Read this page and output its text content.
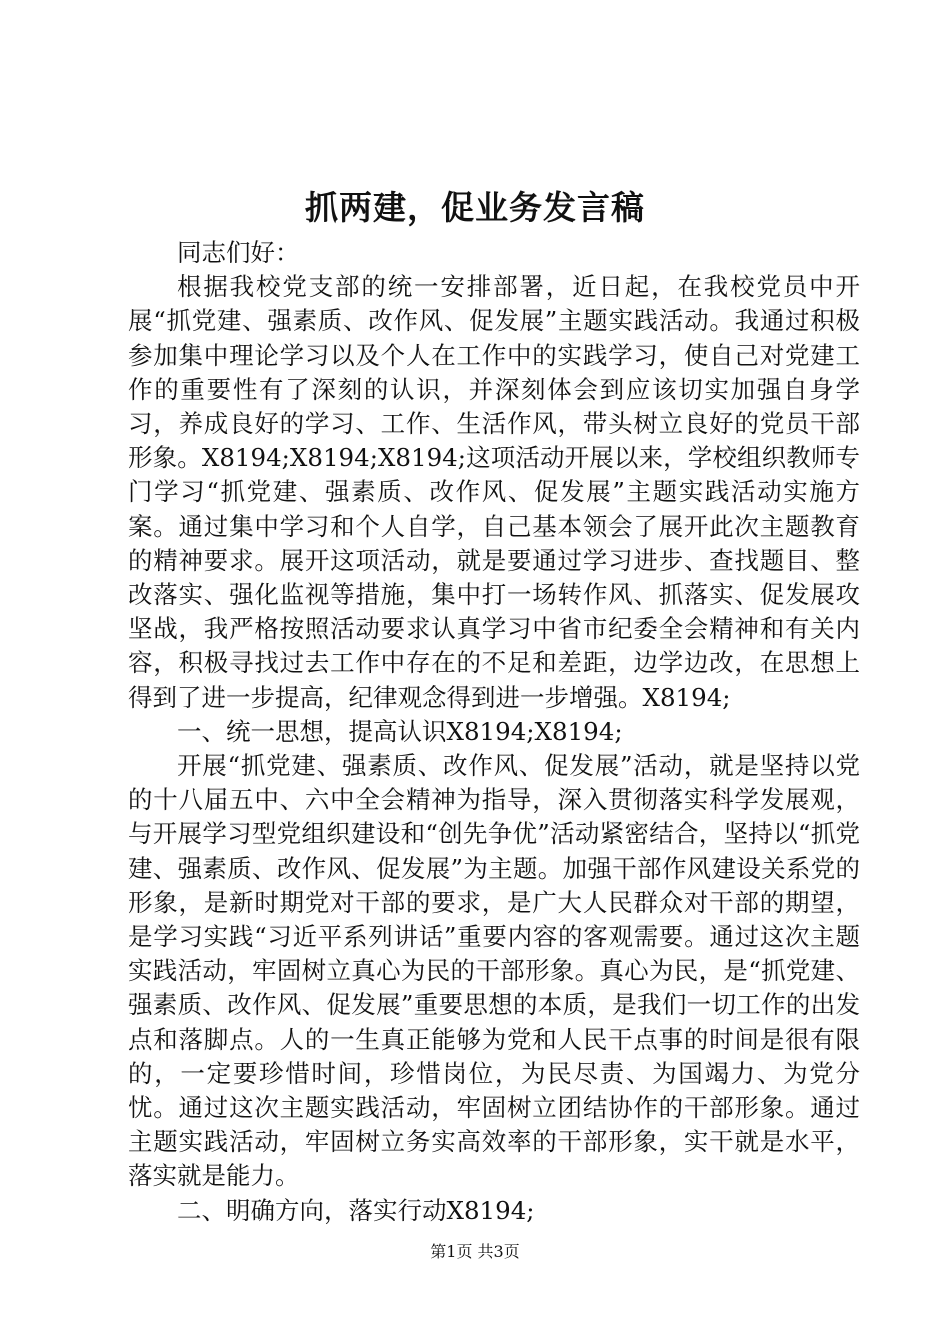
抓两建，促业务发言稿

同志们好：

根据我校党支部的统一安排部署，近日起，在我校党员中开展“抓党建、强素质、改作风、促发展”主题实践活动。我通过积极参加集中理论学习以及个人在工作中的实践学习，使自己对党建工作的重要性有了深刻的认识，并深刻体会到应该切实加强自身学习，养成良好的学习、工作、生活作风，带头树立良好的党员干部形象。X8194;X8194;X8194;这项活动开展以来，学校组织教师专门学习“抓党建、强素质、改作风、促发展”主题实践活动实施方案。通过集中学习和个人自学，自己基本领会了展开此次主题教育的精神要求。展开这项活动，就是要通过学习进步、查找题目、整改落实、强化监视等措施，集中打一场转作风、抓落实、促发展攻坚战，我严格按照活动要求认真学习中省市纪委全会精神和有关内容，积极寻找过去工作中存在的不足和差距，边学边改，在思想上得到了进一步提高，纪律观念得到进一步增强。X8194;

一、统一思想，提高认识X8194;X8194;

开展“抓党建、强素质、改作风、促发展”活动，就是坚持以党的十八届五中、六中全会精神为指导，深入贯彻落实科学发展观，与开展学习型党组织建设和“创先争优”活动紧密结合，坚持以“抓党建、强素质、改作风、促发展”为主题。加强干部作风建设关系党的形象，是新时期党对干部的要求，是广大人民群众对干部的期望，是学习实践“习近平系列讲话”重要内容的客观需要。通过这次主题实践活动，牢固树立真心为民的干部形象。真心为民，是“抓党建、强素质、改作风、促发展”重要思想的本质，是我们一切工作的出发点和落脚点。人的一生真正能够为党和人民干点事的时间是很有限的，一定要珍惜时间，珍惜岗位，为民尽责、为国竭力、为党分忧。通过这次主题实践活动，牢固树立团结协作的干部形象。通过主题实践活动，牢固树立务实高效率的干部形象，实干就是水平，落实就是能力。

二、明确方向，落实行动X8194;

第1页 共3页
